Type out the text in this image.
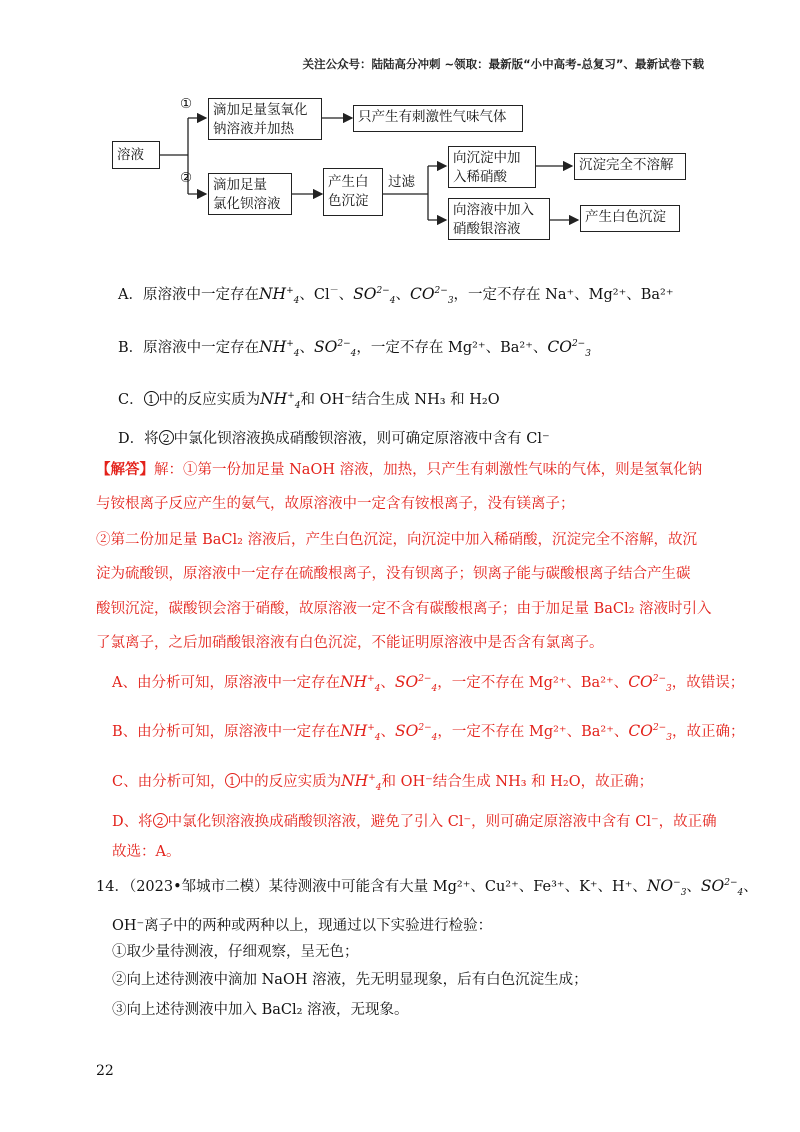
关注公众号：陆陆高分冲刺 ~领取：最新版“小中高考-总复习”、最新试卷下载
溶液
①
②
滴加足量氢氧化
钠溶液并加热
只产生有刺激性气味气体
滴加足量
氯化钡溶液
产生白
色沉淀
过滤
向沉淀中加
入稀硝酸
沉淀完全不溶解
向溶液中加入
硝酸银溶液
产生白色沉淀
A．原溶液中一定存在$NH^+_4$、Cl－、$SO^{2-}_4$、$CO^{2-}_3$，一定不存在 Na⁺、Mg²⁺、Ba²⁺
B．原溶液中一定存在$NH^+_4$、$SO^{2-}_4$，一定不存在 Mg²⁺、Ba²⁺、$CO^{2-}_3$
C． 1 中的反应实质为$NH^+_4$和 OH⁻结合生成 NH₃ 和 H₂O
D．将 2 中氯化钡溶液换成硝酸钡溶液，则可确定原溶液中含有 Cl⁻
【解答】解：①第一份加足量 NaOH 溶液，加热，只产生有刺激性气味的气体，则是氢氧化钠
与铵根离子反应产生的氨气，故原溶液中一定含有铵根离子，没有镁离子；
②第二份加足量 BaCl₂ 溶液后，产生白色沉淀，向沉淀中加入稀硝酸，沉淀完全不溶解，故沉
淀为硫酸钡，原溶液中一定存在硫酸根离子，没有钡离子；钡离子能与碳酸根离子结合产生碳
酸钡沉淀，碳酸钡会溶于硝酸，故原溶液一定不含有碳酸根离子；由于加足量 BaCl₂ 溶液时引入
了氯离子，之后加硝酸银溶液有白色沉淀，不能证明原溶液中是否含有氯离子。
A、由分析可知，原溶液中一定存在$NH^+_4$、$SO^{2-}_4$，一定不存在 Mg²⁺、Ba²⁺、$CO^{2-}_3$，故错误；
B、由分析可知，原溶液中一定存在$NH^+_4$、$SO^{2-}_4$，一定不存在 Mg²⁺、Ba²⁺、$CO^{2-}_3$，故正确；
C、由分析可知， 1 中的反应实质为$NH^+_4$和 OH⁻结合生成 NH₃ 和 H₂O，故正确；
D、将 2 中氯化钡溶液换成硝酸钡溶液，避免了引入 Cl⁻，则可确定原溶液中含有 Cl⁻，故正确
故选：A。
14．（2023•邹城市二模）某待测液中可能含有大量 Mg²⁺、Cu²⁺、Fe³⁺、K⁺、H⁺、$NO^-_3$、$SO^{2-}_4$、
OH⁻离子中的两种或两种以上，现通过以下实验进行检验：
①取少量待测液，仔细观察，呈无色；
②向上述待测液中滴加 NaOH 溶液，先无明显现象，后有白色沉淀生成；
③向上述待测液中加入 BaCl₂ 溶液，无现象。
22
